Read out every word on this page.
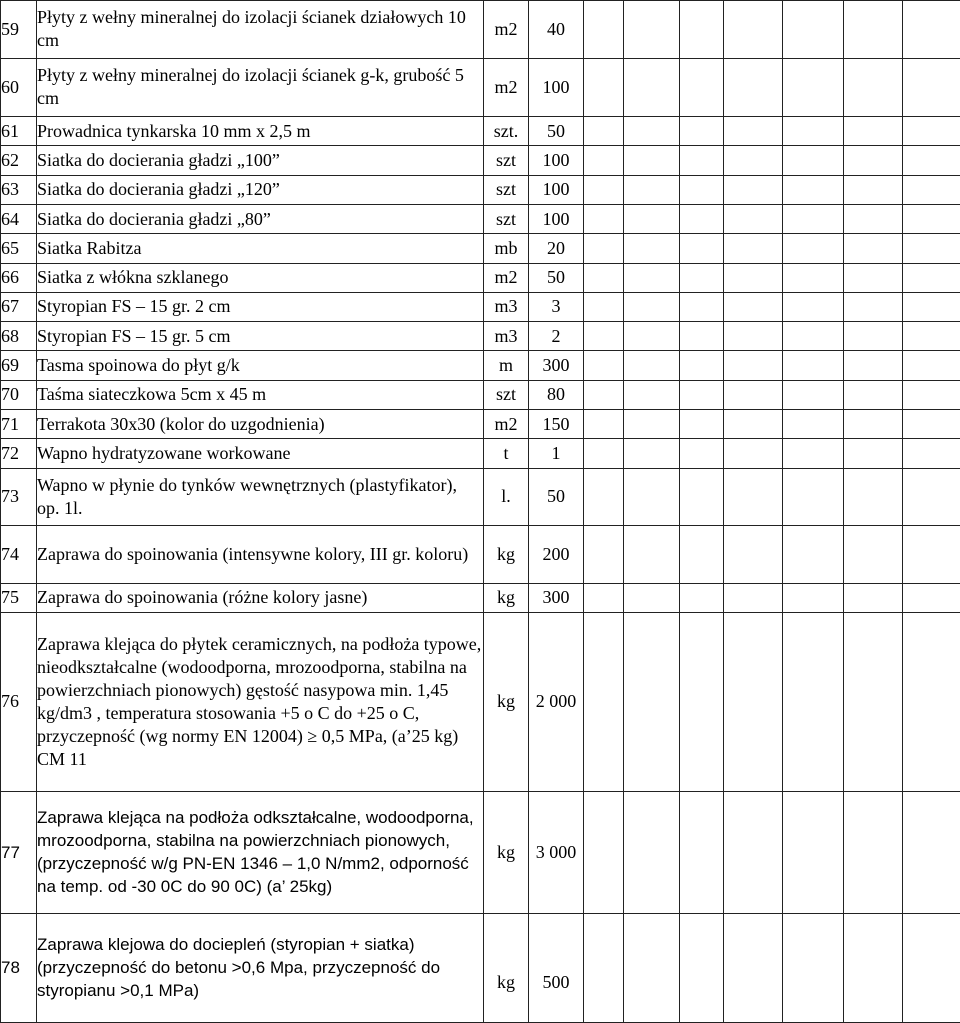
59	Płyty z wełny mineralnej do izolacji ścianek działowych 10 cm	m2	40							
60	Płyty z wełny mineralnej do izolacji ścianek g-k, grubość 5 cm	m2	100							
61	Prowadnica tynkarska 10 mm x 2,5 m	szt.	50							
62	Siatka do docierania gładzi „100”	szt	100							
63	Siatka do docierania gładzi „120”	szt	100							
64	Siatka do docierania gładzi „80”	szt	100							
65	Siatka Rabitza	mb	20							
66	Siatka z włókna szklanego	m2	50							
67	Styropian FS – 15 gr. 2 cm	m3	3							
68	Styropian FS – 15 gr. 5 cm	m3	2							
69	Tasma spoinowa do płyt g/k	m	300							
70	Taśma siateczkowa 5cm x 45 m	szt	80							
71	Terrakota 30x30 (kolor do uzgodnienia)	m2	150							
72	Wapno hydratyzowane workowane	t	1							
73	Wapno w płynie do tynków wewnętrznych (plastyfikator), op. 1l.	l.	50							
74	Zaprawa do spoinowania (intensywne kolory, III gr. koloru)	kg	200							
75	Zaprawa do spoinowania (różne kolory jasne)	kg	300							
76	Zaprawa klejąca do płytek ceramicznych, na podłoża typowe, nieodkształcalne (wodoodporna, mrozoodporna, stabilna na powierzchniach pionowych) gęstość nasypowa min. 1,45 kg/dm3 , temperatura stosowania +5 o C do +25 o C, przyczepność (wg normy EN 12004) ≥ 0,5 MPa, (a’25 kg) CM 11	kg	2 000							
77	Zaprawa klejąca na podłoża odkształcalne, wodoodporna, mrozoodporna, stabilna na powierzchniach pionowych, (przyczepność w/g PN-EN 1346 – 1,0 N/mm2, odporność na temp. od -30 0C do 90 0C) (a’ 25kg)	kg	3 000							
78	Zaprawa klejowa do dociepleń (styropian + siatka) (przyczepność do betonu >0,6 Mpa, przyczepność do styropianu >0,1 MPa)	kg	500							
